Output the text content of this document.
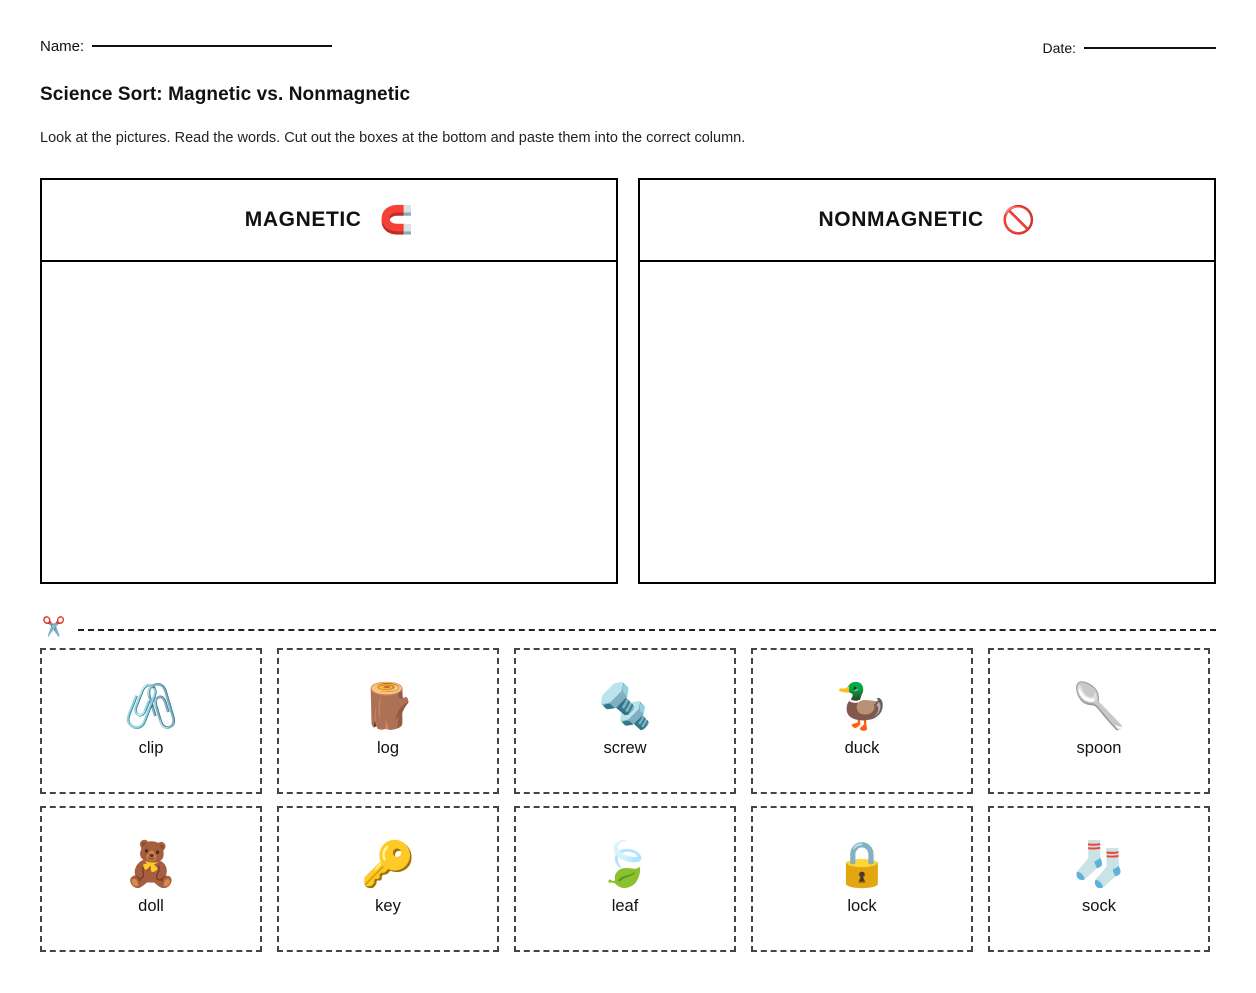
Name:	Date:
Science Sort: Magnetic vs. Nonmagnetic
Look at the pictures. Read the words. Cut out the boxes at the bottom and paste them into the correct column.
MAGNETIC 🧲	NONMAGNETIC 🚫
✂️
🖇️
clip
🪵
log
🔩
screw
🦆
duck
🥄
spoon
🧸
doll
🔑
key
🍃
leaf
🔒
lock
🧦
sock
